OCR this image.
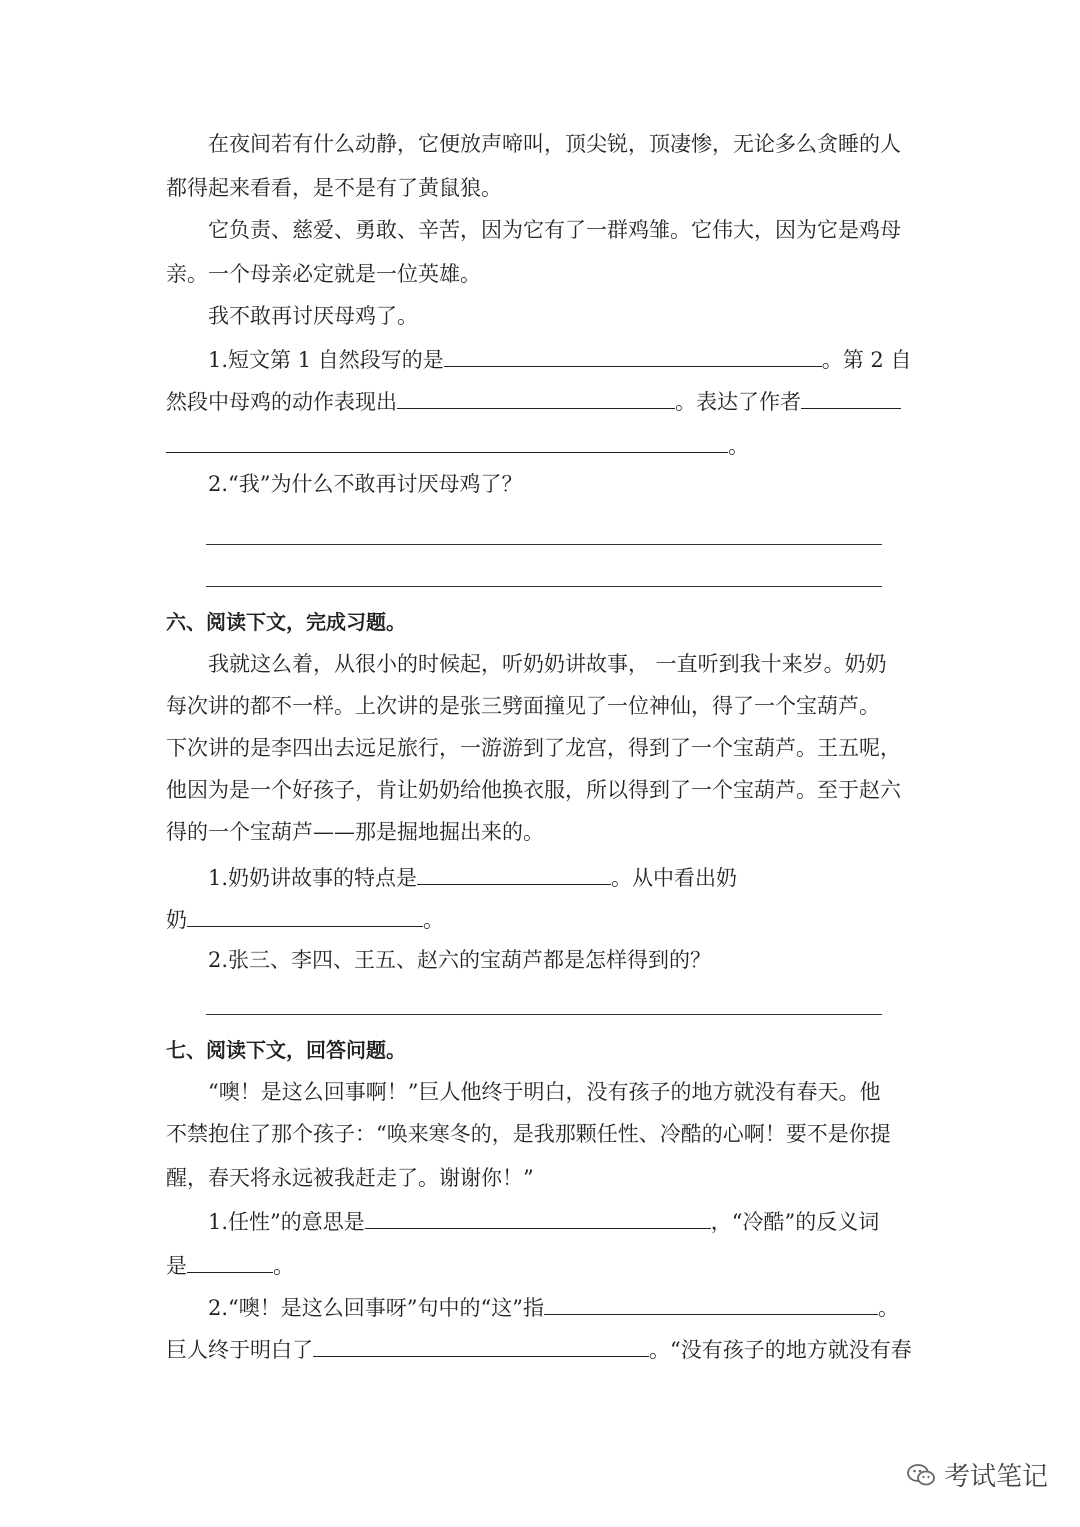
在夜间若有什么动静，它便放声啼叫，顶尖锐，顶凄惨，无论多么贪睡的人
都得起来看看，是不是有了黄鼠狼。
它负责、慈爱、勇敢、辛苦，因为它有了一群鸡雏。它伟大，因为它是鸡母
亲。一个母亲必定就是一位英雄。
我不敢再讨厌母鸡了。
1.短文第 1 自然段写的是	。第 2 自
然段中母鸡的动作表现出	。表达了作者
。
2.“我”为什么不敢再讨厌母鸡了？
六、阅读下文，完成习题。
我就这么着，从很小的时候起，听奶奶讲故事， 一直听到我十来岁。奶奶
每次讲的都不一样。上次讲的是张三劈面撞见了一位神仙，得了一个宝葫芦。
下次讲的是李四出去远足旅行，一游游到了龙宫，得到了一个宝葫芦。王五呢，
他因为是一个好孩子，肯让奶奶给他换衣服，所以得到了一个宝葫芦。至于赵六
得的一个宝葫芦——那是掘地掘出来的。
1.奶奶讲故事的特点是	。从中看出奶
奶	。
2.张三、李四、王五、赵六的宝葫芦都是怎样得到的？
七、阅读下文，回答问题。
“噢！是这么回事啊！”巨人他终于明白，没有孩子的地方就没有春天。他
不禁抱住了那个孩子：“唤来寒冬的，是我那颗任性、冷酷的心啊！要不是你提
醒，春天将永远被我赶走了。谢谢你！”
1.任性”的意思是	，“冷酷”的反义词
是	。
2.“噢！是这么回事呀”句中的“这”指	。
巨人终于明白了	。“没有孩子的地方就没有春
考试笔记
